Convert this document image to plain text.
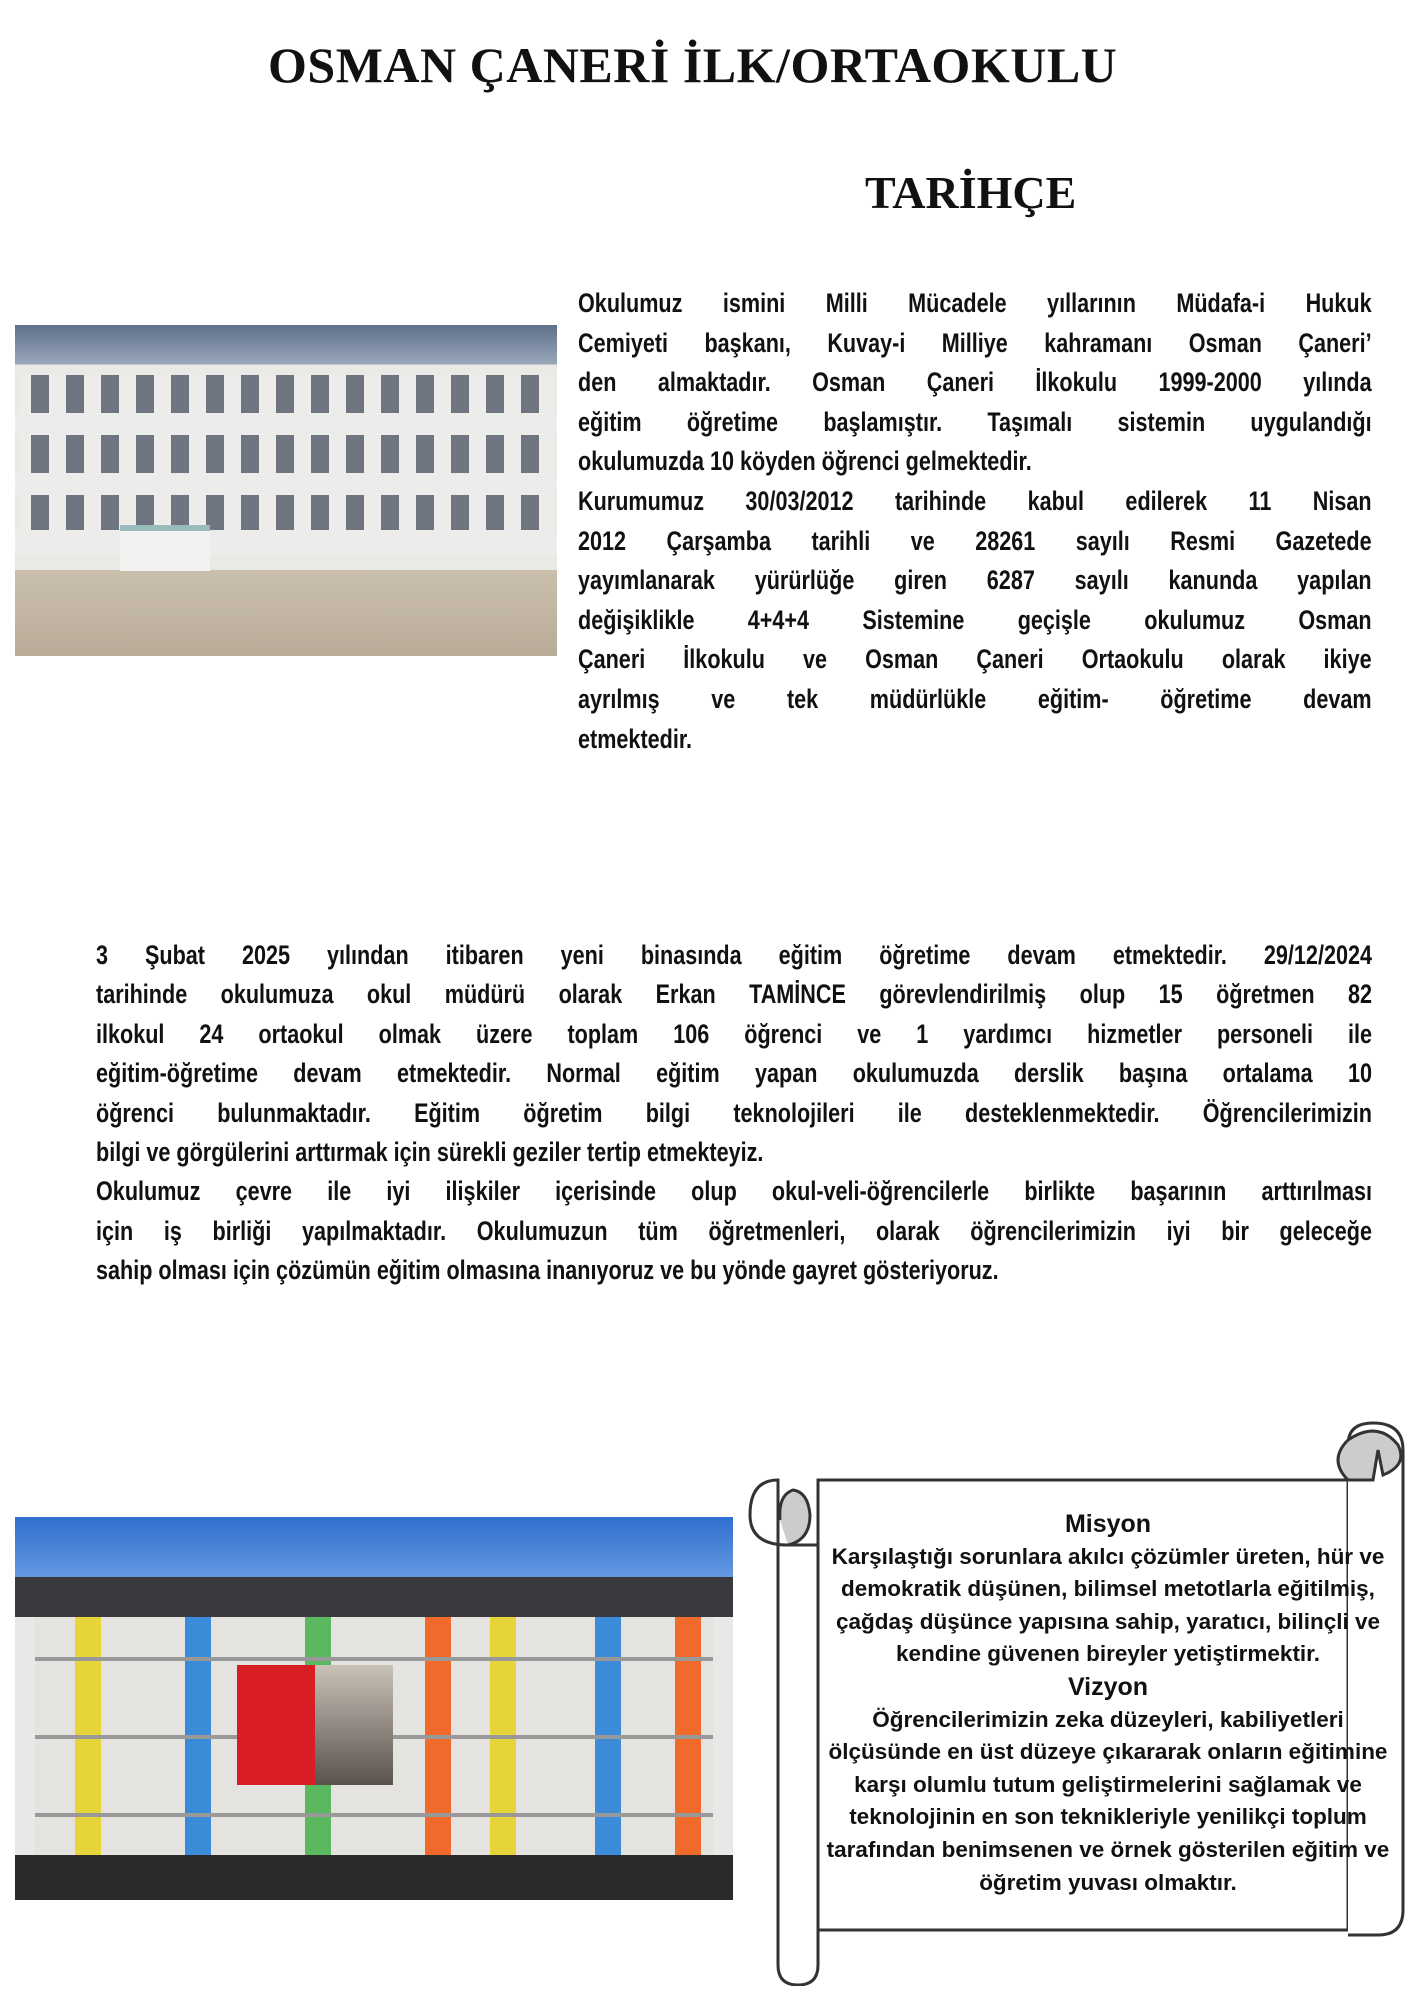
OSMAN ÇANERİ İLK/ORTAOKULU
TARİHÇE
Okulumuz ismini Milli Mücadele yıllarının Müdafa-i Hukuk
Cemiyeti başkanı, Kuvay-i Milliye kahramanı Osman Çaneri’
den almaktadır. Osman Çaneri İlkokulu 1999-2000 yılında
eğitim öğretime başlamıştır. Taşımalı sistemin uygulandığı
okulumuzda 10 köyden öğrenci gelmektedir.
Kurumumuz 30/03/2012 tarihinde kabul edilerek 11 Nisan
2012 Çarşamba tarihli ve 28261 sayılı Resmi Gazetede
yayımlanarak yürürlüğe giren 6287 sayılı kanunda yapılan
değişiklikle 4+4+4 Sistemine geçişle okulumuz Osman
Çaneri İlkokulu ve Osman Çaneri Ortaokulu olarak ikiye
ayrılmış ve tek müdürlükle eğitim- öğretime devam
etmektedir.
3 Şubat 2025 yılından itibaren yeni binasında eğitim öğretime devam etmektedir. 29/12/2024
tarihinde okulumuza okul müdürü olarak Erkan TAMİNCE görevlendirilmiş olup 15 öğretmen 82
ilkokul 24 ortaokul olmak üzere toplam 106 öğrenci ve 1 yardımcı hizmetler personeli ile
eğitim-öğretime devam etmektedir. Normal eğitim yapan okulumuzda derslik başına ortalama 10
öğrenci bulunmaktadır. Eğitim öğretim bilgi teknolojileri ile desteklenmektedir. Öğrencilerimizin
bilgi ve görgülerini arttırmak için sürekli geziler tertip etmekteyiz.
Okulumuz çevre ile iyi ilişkiler içerisinde olup okul-veli-öğrencilerle birlikte başarının arttırılması
için iş birliği yapılmaktadır. Okulumuzun tüm öğretmenleri, olarak öğrencilerimizin iyi bir geleceğe
sahip olması için çözümün eğitim olmasına inanıyoruz ve bu yönde gayret gösteriyoruz.
Misyon
Karşılaştığı sorunlara akılcı çözümler üreten, hür ve
demokratik düşünen, bilimsel metotlarla eğitilmiş,
çağdaş düşünce yapısına sahip, yaratıcı, bilinçli ve
kendine güvenen bireyler yetiştirmektir.
Vizyon
Öğrencilerimizin zeka düzeyleri, kabiliyetleri
ölçüsünde en üst düzeye çıkararak onların eğitimine
karşı olumlu tutum geliştirmelerini sağlamak ve
teknolojinin en son teknikleriyle yenilikçi toplum
tarafından benimsenen ve örnek gösterilen eğitim ve
öğretim yuvası olmaktır.
